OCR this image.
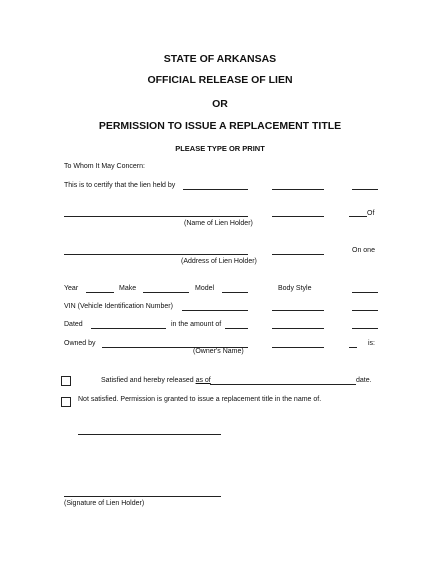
STATE OF ARKANSAS
OFFICIAL RELEASE OF LIEN
OR
PERMISSION TO ISSUE A REPLACEMENT TITLE
PLEASE TYPE OR PRINT
To Whom It May Concern:
This is to certify that the lien held by
(Name of Lien Holder)
Of
(Address of Lien Holder)
On one
Year	Make	Model	Body Style
VIN (Vehicle Identification Number)
Dated	in the amount of
Owned by
(Owner's Name)
is:
Satisfied and hereby released as of	date.
Not satisfied. Permission is granted to issue a replacement title in the name of.
(Signature of Lien Holder)
